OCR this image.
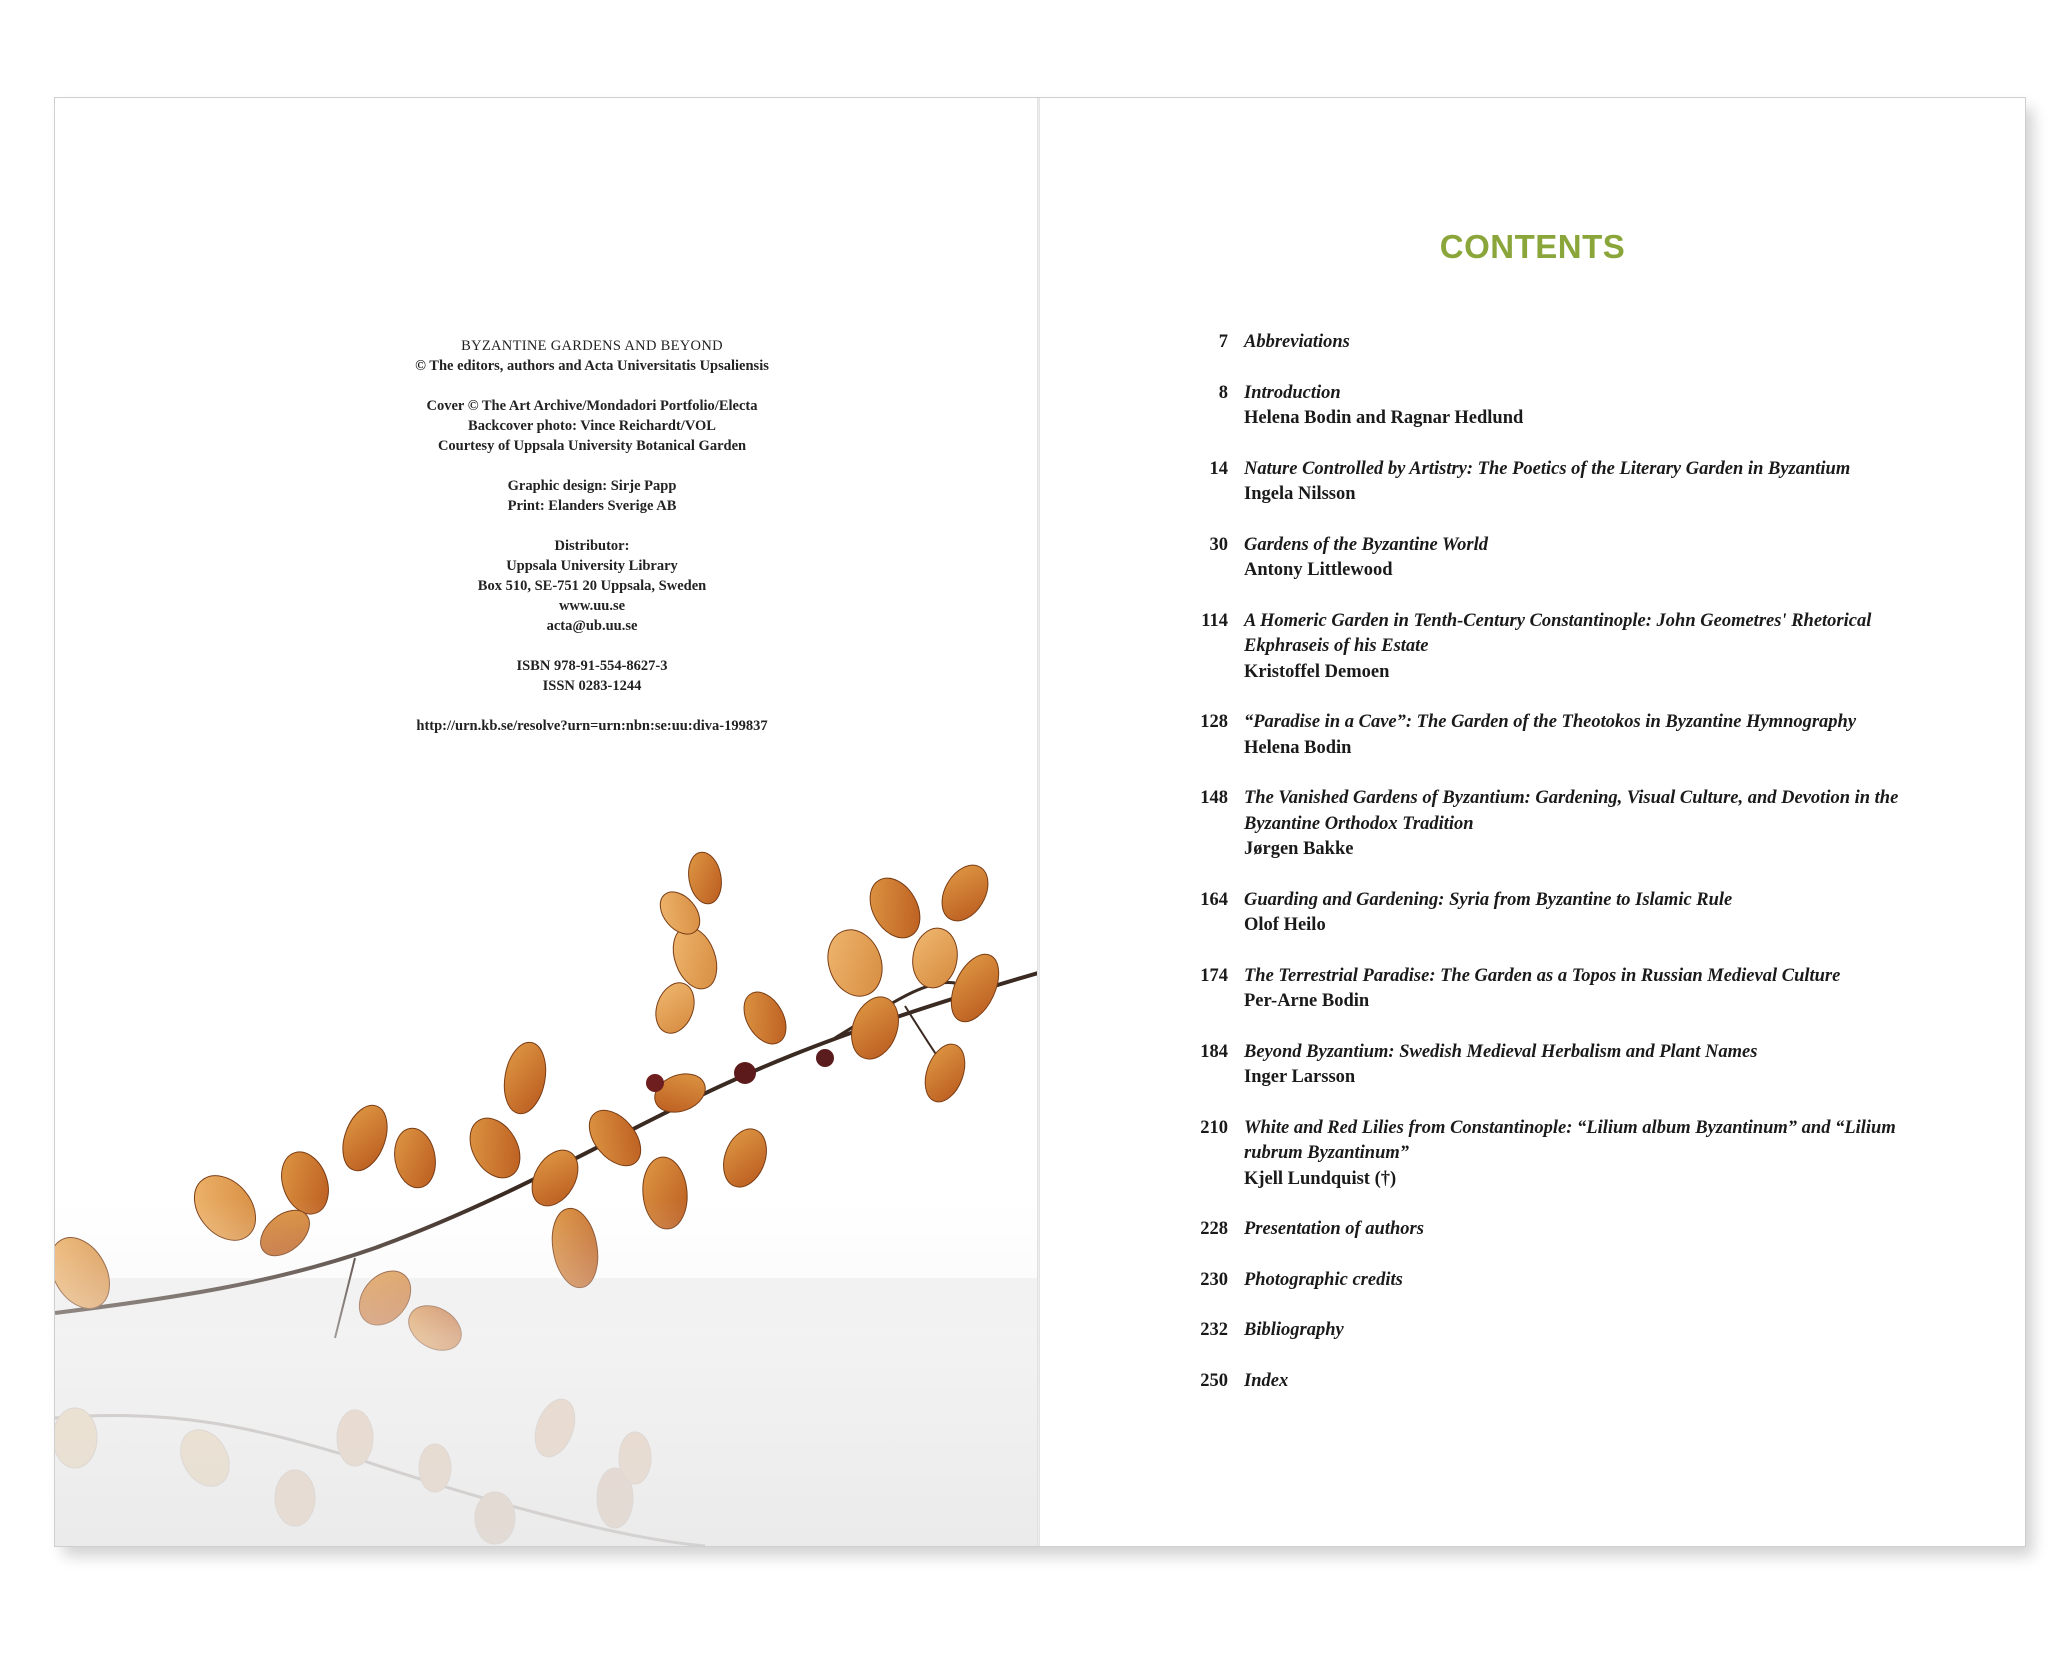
BYZANTINE GARDENS AND BEYOND
© The editors, authors and Acta Universitatis Upsaliensis
Cover © The Art Archive/Mondadori Portfolio/Electa
Backcover photo: Vince Reichardt/VOL
Courtesy of Uppsala University Botanical Garden
Graphic design: Sirje Papp
Print: Elanders Sverige AB
Distributor:
Uppsala University Library
Box 510, SE-751 20 Uppsala, Sweden
www.uu.se
acta@ub.uu.se
ISBN 978-91-554-8627-3
ISSN 0283-1244
http://urn.kb.se/resolve?urn=urn:nbn:se:uu:diva-199837
CONTENTS
7 Abbreviations
8 Introduction
Helena Bodin and Ragnar Hedlund
14 Nature Controlled by Artistry: The Poetics of the Literary Garden in Byzantium
Ingela Nilsson
30 Gardens of the Byzantine World
Antony Littlewood
114 A Homeric Garden in Tenth-Century Constantinople: John Geometres' Rhetorical Ekphraseis of his Estate
Kristoffel Demoen
128 “Paradise in a Cave”: The Garden of the Theotokos in Byzantine Hymnography
Helena Bodin
148 The Vanished Gardens of Byzantium: Gardening, Visual Culture, and Devotion in the Byzantine Orthodox Tradition
Jørgen Bakke
164 Guarding and Gardening: Syria from Byzantine to Islamic Rule
Olof Heilo
174 The Terrestrial Paradise: The Garden as a Topos in Russian Medieval Culture
Per-Arne Bodin
184 Beyond Byzantium: Swedish Medieval Herbalism and Plant Names
Inger Larsson
210 White and Red Lilies from Constantinople: “Lilium album Byzantinum” and “Lilium rubrum Byzantinum”
Kjell Lundquist (†)
228 Presentation of authors
230 Photographic credits
232 Bibliography
250 Index
